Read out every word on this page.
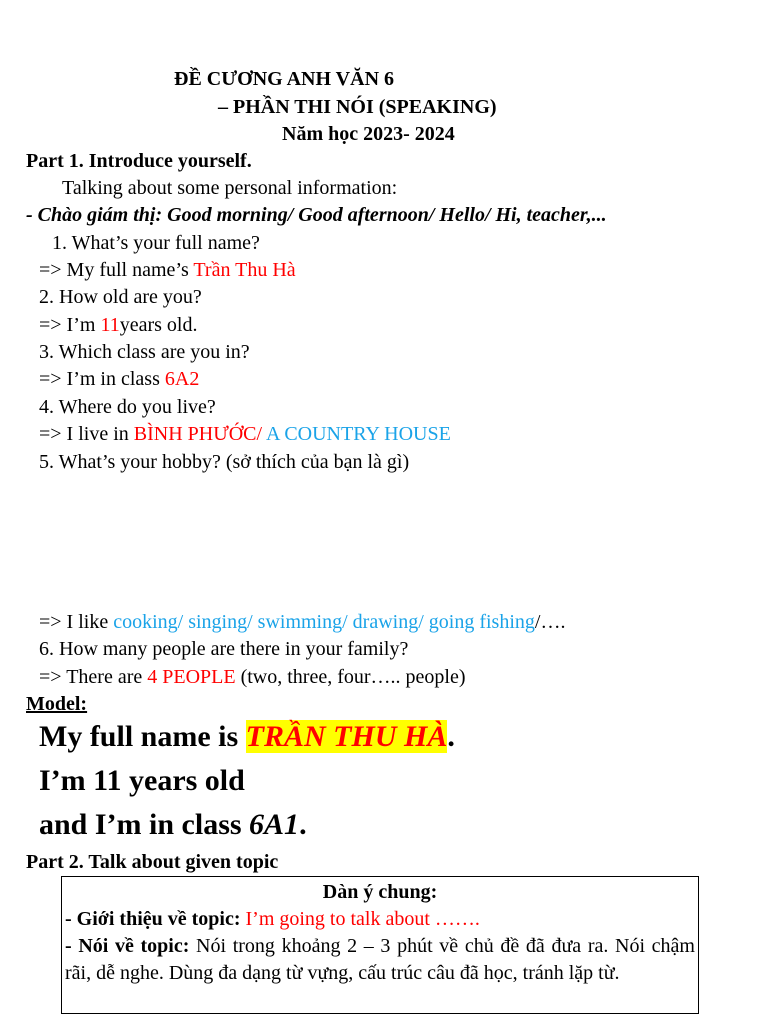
ĐỀ CƯƠNG ANH VĂN 6
– PHẦN THI NÓI (SPEAKING)
Năm học 2023- 2024
Part 1. Introduce yourself.
Talking about some personal information:
- Chào giám thị: Good morning/ Good afternoon/ Hello/ Hi, teacher,...
1. What’s your full name?
=> My full name’s Trần Thu Hà
2. How old are you?
=> I’m 11years old.
3. Which class are you in?
=> I’m in class 6A2
4. Where do you live?
=> I live in BÌNH PHƯỚC/ A COUNTRY HOUSE
5. What’s your hobby? (sở thích của bạn là gì)
=> I like cooking/ singing/ swimming/ drawing/ going fishing/….
6. How many people are there in your family?
=> There are 4 PEOPLE (two, three, four….. people)
Model:
My full name is TRẦN THU HÀ.
I’m 11 years old
and I’m in class 6A1.
Part 2. Talk about given topic
Dàn ý chung:
- Giới thiệu về topic: I’m going to talk about …….
- Nói về topic: Nói trong khoảng 2 – 3 phút về chủ đề đã đưa ra. Nói chậm rãi, dễ nghe. Dùng đa dạng từ vựng, cấu trúc câu đã học, tránh lặp từ.
